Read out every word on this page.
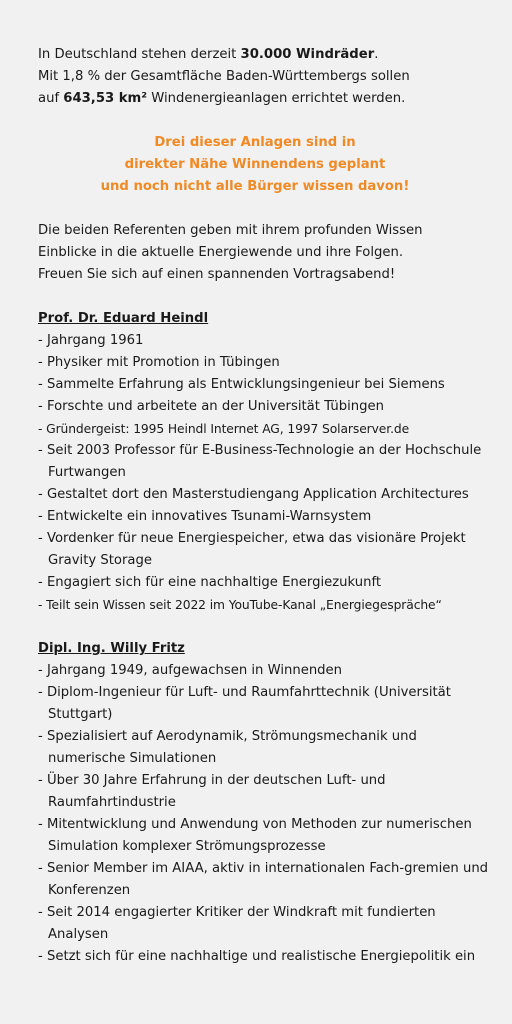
In Deutschland stehen derzeit 30.000 Windräder.
Mit 1,8 % der Gesamtfläche Baden-Württembergs sollen
auf 643,53 km² Windenergieanlagen errichtet werden.

Drei dieser Anlagen sind in
direkter Nähe Winnendens geplant
und noch nicht alle Bürger wissen davon!

Die beiden Referenten geben mit ihrem profunden Wissen
Einblicke in die aktuelle Energiewende und ihre Folgen.
Freuen Sie sich auf einen spannenden Vortragsabend!

Prof. Dr. Eduard Heindl

- Jahrgang 1961
- Physiker mit Promotion in Tübingen
- Sammelte Erfahrung als Entwicklungsingenieur bei Siemens
- Forschte und arbeitete an der Universität Tübingen
- Gründergeist: 1995 Heindl Internet AG, 1997 Solarserver.de
- Seit 2003 Professor für E-Business-Technologie an der Hochschule Furtwangen
- Gestaltet dort den Masterstudiengang Application Architectures
- Entwickelte ein innovatives Tsunami-Warnsystem
- Vordenker für neue Energiespeicher, etwa das visionäre Projekt Gravity Storage
- Engagiert sich für eine nachhaltige Energiezukunft
- Teilt sein Wissen seit 2022 im YouTube-Kanal „Energiegespräche“

Dipl. Ing. Willy Fritz

- Jahrgang 1949, aufgewachsen in Winnenden
- Diplom-Ingenieur für Luft- und Raumfahrttechnik (Universität Stuttgart)
- Spezialisiert auf Aerodynamik, Strömungsmechanik und numerische Simulationen
- Über 30 Jahre Erfahrung in der deutschen Luft- und Raumfahrtindustrie
- Mitentwicklung und Anwendung von Methoden zur numerischen Simulation komplexer Strömungsprozesse
- Senior Member im AIAA, aktiv in internationalen Fach-gremien und Konferenzen
- Seit 2014 engagierter Kritiker der Windkraft mit fundierten Analysen
- Setzt sich für eine nachhaltige und realistische Energiepolitik ein
